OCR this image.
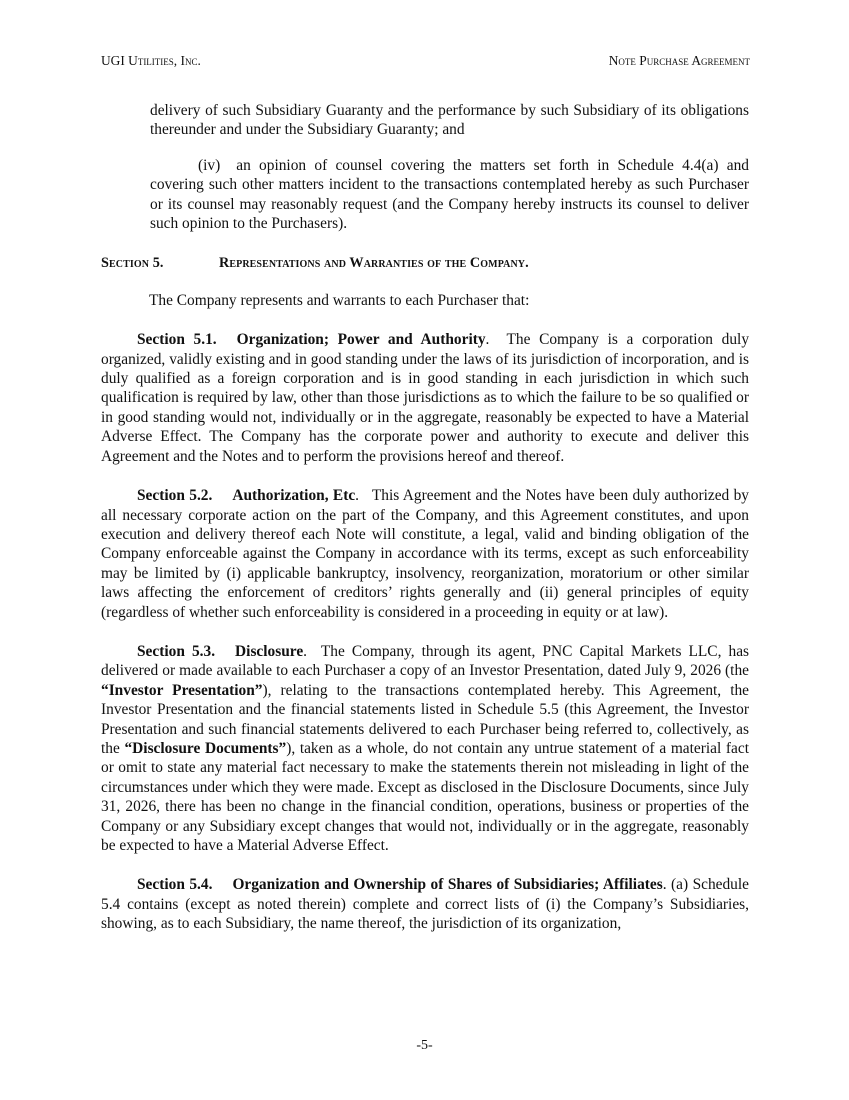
UGI Utilities, Inc.	Note Purchase Agreement

delivery of such Subsidiary Guaranty and the performance by such Subsidiary of its obligations thereunder and under the Subsidiary Guaranty; and

(iv) an opinion of counsel covering the matters set forth in Schedule 4.4(a) and covering such other matters incident to the transactions contemplated hereby as such Purchaser or its counsel may reasonably request (and the Company hereby instructs its counsel to deliver such opinion to the Purchasers).

Section 5.	Representations and Warranties of the Company.

The Company represents and warrants to each Purchaser that:

Section 5.1. Organization; Power and Authority.  The Company is a corporation duly organized, validly existing and in good standing under the laws of its jurisdiction of incorporation, and is duly qualified as a foreign corporation and is in good standing in each jurisdiction in which such qualification is required by law, other than those jurisdictions as to which the failure to be so qualified or in good standing would not, individually or in the aggregate, reasonably be expected to have a Material Adverse Effect. The Company has the corporate power and authority to execute and deliver this Agreement and the Notes and to perform the provisions hereof and thereof.

Section 5.2. Authorization, Etc.   This Agreement and the Notes have been duly authorized by all necessary corporate action on the part of the Company, and this Agreement constitutes, and upon execution and delivery thereof each Note will constitute, a legal, valid and binding obligation of the Company enforceable against the Company in accordance with its terms, except as such enforceability may be limited by (i) applicable bankruptcy, insolvency, reorganization, moratorium or other similar laws affecting the enforcement of creditors’ rights generally and (ii) general principles of equity (regardless of whether such enforceability is considered in a proceeding in equity or at law).

Section 5.3. Disclosure.  The Company, through its agent, PNC Capital Markets LLC, has delivered or made available to each Purchaser a copy of an Investor Presentation, dated July 9, 2026 (the “Investor Presentation”), relating to the transactions contemplated hereby. This Agreement, the Investor Presentation and the financial statements listed in Schedule 5.5 (this Agreement, the Investor Presentation and such financial statements delivered to each Purchaser being referred to, collectively, as the “Disclosure Documents”), taken as a whole, do not contain any untrue statement of a material fact or omit to state any material fact necessary to make the statements therein not misleading in light of the circumstances under which they were made. Except as disclosed in the Disclosure Documents, since July 31, 2026, there has been no change in the financial condition, operations, business or properties of the Company or any Subsidiary except changes that would not, individually or in the aggregate, reasonably be expected to have a Material Adverse Effect.

Section 5.4. Organization and Ownership of Shares of Subsidiaries; Affiliates. (a) Schedule 5.4 contains (except as noted therein) complete and correct lists of (i) the Company’s Subsidiaries, showing, as to each Subsidiary, the name thereof, the jurisdiction of its organization,

-5-
